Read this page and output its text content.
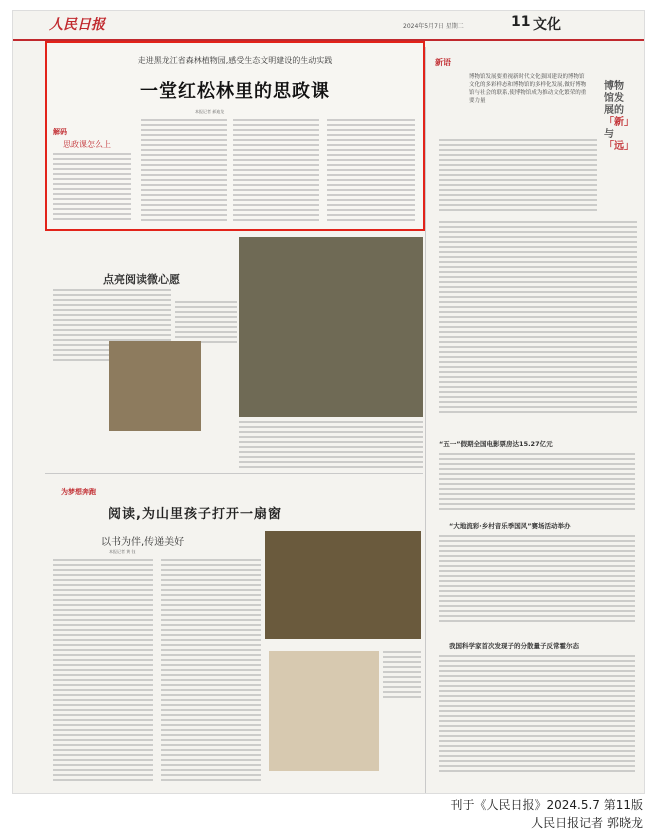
人民日报	2024年5月7日 星期二	11 文化
走进黑龙江省森林植物园,感受生态文明建设的生动实践
一堂红松林里的思政课
本报记者 郝迪龙
解码
思政课怎么上
新语
博物馆发展要重视新时代文化强国建设的博物馆文化的多彩样态和博物馆的多样化发展,做好博物馆与社会的联系,使博物馆成为推动文化繁荣的重要力量
博物馆发展的
「新」
与
「远」
点亮阅读微心愿
为梦想奔跑
阅读,为山里孩子打开一扇窗
以书为伴,传递美好
本报记者 黄 钰
“五一”假期全国电影票房达15.27亿元
“大地流彩·乡村音乐季国风”赛场活动举办
我国科学家首次发现子的分散量子反常霍尔态
刊于《人民日报》2024.5.7 第11版
人民日报记者 郭晓龙
